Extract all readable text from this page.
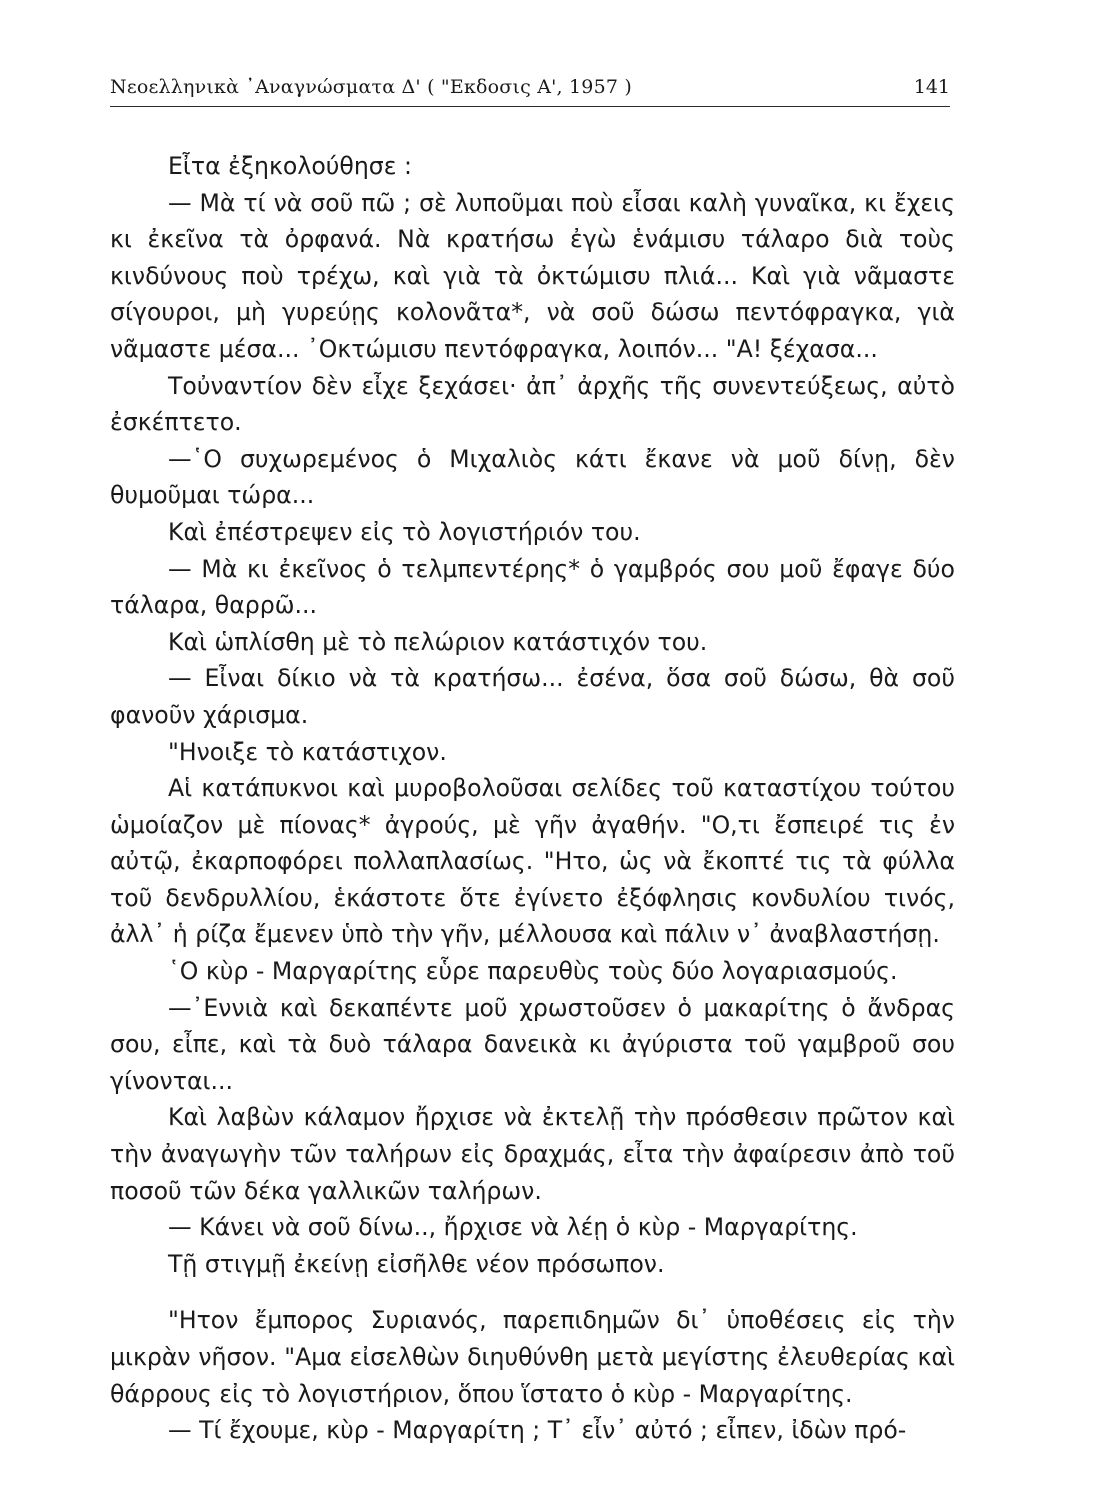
Νεοελληνικὰ ᾿Αναγνώσματα Δ' ( "Εκδοσις Α', 1957 )	141

Εἶτα ἐξηκολούθησε :

— Μὰ τί νὰ σοῦ πῶ ; σὲ λυποῦμαι ποὺ εἶσαι καλὴ γυναῖκα, κι ἔχεις κι ἐκεῖνα τὰ ὀρφανά. Νὰ κρατήσω ἐγὼ ἑνάμισυ τάλαρο διὰ τοὺς κινδύνους ποὺ τρέχω, καὶ γιὰ τὰ ὀκτώμισυ πλιά... Καὶ γιὰ νᾶμαστε σίγουροι, μὴ γυρεύῃς κολονᾶτα*, νὰ σοῦ δώσω πεντόφραγκα, γιὰ νᾶμαστε μέσα... ᾿Οκτώμισυ πεντόφραγκα, λοιπόν... "Α! ξέχασα...

Τοὐναντίον δὲν εἶχε ξεχάσει· ἀπ᾿ ἀρχῆς τῆς συνεντεύξεως, αὐτὸ ἐσκέπτετο.

—῾Ο συχωρεμένος ὁ Μιχαλιὸς κάτι ἔκανε νὰ μοῦ δίνῃ, δὲν θυμοῦμαι τώρα...

Καὶ ἐπέστρεψεν εἰς τὸ λογιστήριόν του.

— Μὰ κι ἐκεῖνος ὁ τελμπεντέρης* ὁ γαμβρός σου μοῦ ἔφαγε δύο τάλαρα, θαρρῶ...

Καὶ ὡπλίσθη μὲ τὸ πελώριον κατάστιχόν του.

— Εἶναι δίκιο νὰ τὰ κρατήσω... ἐσένα, ὅσα σοῦ δώσω, θὰ σοῦ φανοῦν χάρισμα.

"Ηνοιξε τὸ κατάστιχον.

Αἱ κατάπυκνοι καὶ μυροβολοῦσαι σελίδες τοῦ καταστίχου τούτου ὡμοίαζον μὲ πίονας* ἀγρούς, μὲ γῆν ἀγαθήν. "Ο,τι ἔσπειρέ τις ἐν αὐτῷ, ἐκαρποφόρει πολλαπλασίως. "Ητο, ὡς νὰ ἔκοπτέ τις τὰ φύλλα τοῦ δενδρυλλίου, ἑκάστοτε ὅτε ἐγίνετο ἐξόφλησις κονδυλίου τινός, ἀλλ᾿ ἡ ρίζα ἔμενεν ὑπὸ τὴν γῆν, μέλλουσα καὶ πάλιν ν᾿ ἀναβλαστήσῃ.

῾Ο κὺρ - Μαργαρίτης εὗρε παρευθὺς τοὺς δύο λογαριασμούς.

—᾿Εννιὰ καὶ δεκαπέντε μοῦ χρωστοῦσεν ὁ μακαρίτης ὁ ἄνδρας σου, εἶπε, καὶ τὰ δυὸ τάλαρα δανεικὰ κι ἀγύριστα τοῦ γαμβροῦ σου γίνονται...

Καὶ λαβὼν κάλαμον ἤρχισε νὰ ἐκτελῇ τὴν πρόσθεσιν πρῶτον καὶ τὴν ἀναγωγὴν τῶν ταλήρων εἰς δραχμάς, εἶτα τὴν ἀφαίρεσιν ἀπὸ τοῦ ποσοῦ τῶν δέκα γαλλικῶν ταλήρων.

— Κάνει νὰ σοῦ δίνω.., ἤρχισε νὰ λέῃ ὁ κὺρ - Μαργαρίτης.

Τῇ στιγμῇ ἐκείνῃ εἰσῆλθε νέον πρόσωπον.

"Ητον ἔμπορος Συριανός, παρεπιδημῶν δι᾿ ὑποθέσεις εἰς τὴν μικρὰν νῆσον. "Αμα εἰσελθὼν διηυθύνθη μετὰ μεγίστης ἐλευθερίας καὶ θάρρους εἰς τὸ λογιστήριον, ὅπου ἵστατο ὁ κὺρ - Μαργαρίτης.

— Τί ἔχουμε, κὺρ - Μαργαρίτη ; Τ᾿ εἶν᾿ αὐτό ; εἶπεν, ἰδὼν πρό-
